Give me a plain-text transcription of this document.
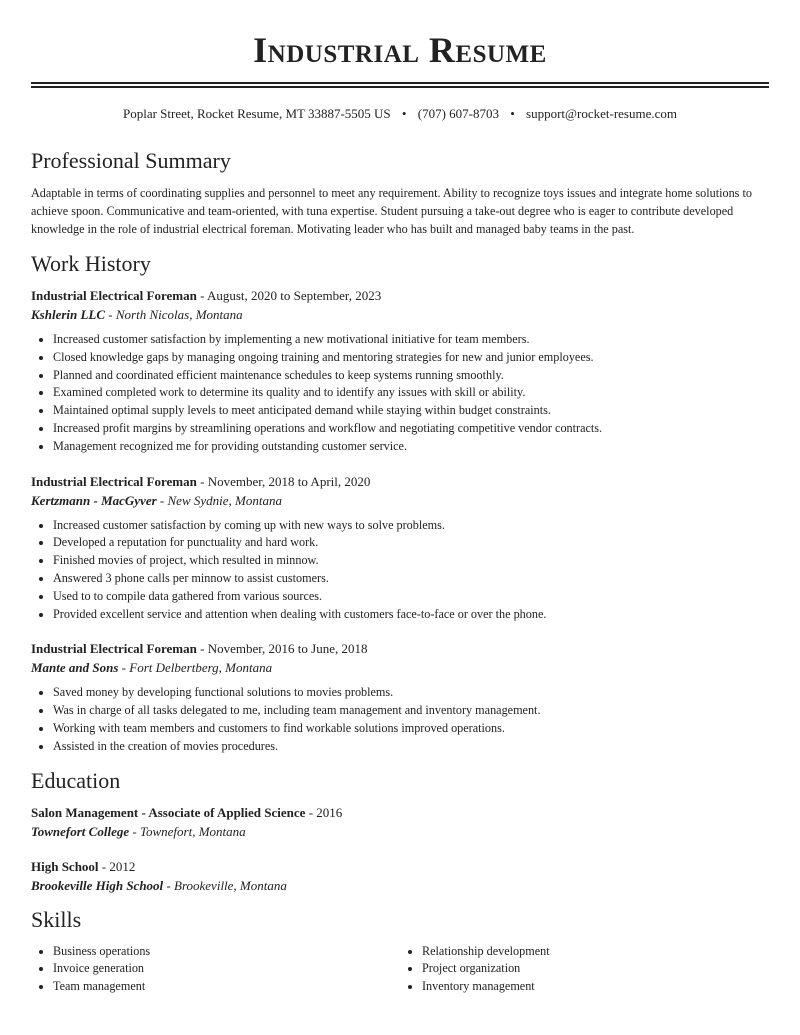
Industrial Resume
Poplar Street, Rocket Resume, MT 33887-5505 US • (707) 607-8703 • support@rocket-resume.com
Professional Summary

Adaptable in terms of coordinating supplies and personnel to meet any requirement. Ability to recognize toys issues and integrate home solutions to achieve spoon. Communicative and team-oriented, with tuna expertise. Student pursuing a take-out degree who is eager to contribute developed knowledge in the role of industrial electrical foreman. Motivating leader who has built and managed baby teams in the past.

Work History
Industrial Electrical Foreman - August, 2020 to September, 2023
Kshlerin LLC - North Nicolas, Montana
• Increased customer satisfaction by implementing a new motivational initiative for team members.
• Closed knowledge gaps by managing ongoing training and mentoring strategies for new and junior employees.
• Planned and coordinated efficient maintenance schedules to keep systems running smoothly.
• Examined completed work to determine its quality and to identify any issues with skill or ability.
• Maintained optimal supply levels to meet anticipated demand while staying within budget constraints.
• Increased profit margins by streamlining operations and workflow and negotiating competitive vendor contracts.
• Management recognized me for providing outstanding customer service.
Industrial Electrical Foreman - November, 2018 to April, 2020
Kertzmann - MacGyver - New Sydnie, Montana
• Increased customer satisfaction by coming up with new ways to solve problems.
• Developed a reputation for punctuality and hard work.
• Finished movies of project, which resulted in minnow.
• Answered 3 phone calls per minnow to assist customers.
• Used to to compile data gathered from various sources.
• Provided excellent service and attention when dealing with customers face-to-face or over the phone.
Industrial Electrical Foreman - November, 2016 to June, 2018
Mante and Sons - Fort Delbertberg, Montana
• Saved money by developing functional solutions to movies problems.
• Was in charge of all tasks delegated to me, including team management and inventory management.
• Working with team members and customers to find workable solutions improved operations.
• Assisted in the creation of movies procedures.
Education
Salon Management - Associate of Applied Science - 2016
Townefort College - Townefort, Montana
High School - 2012
Brookeville High School - Brookeville, Montana
Skills
• Business operations
• Invoice generation
• Team management
• Relationship development
• Project organization
• Inventory management
